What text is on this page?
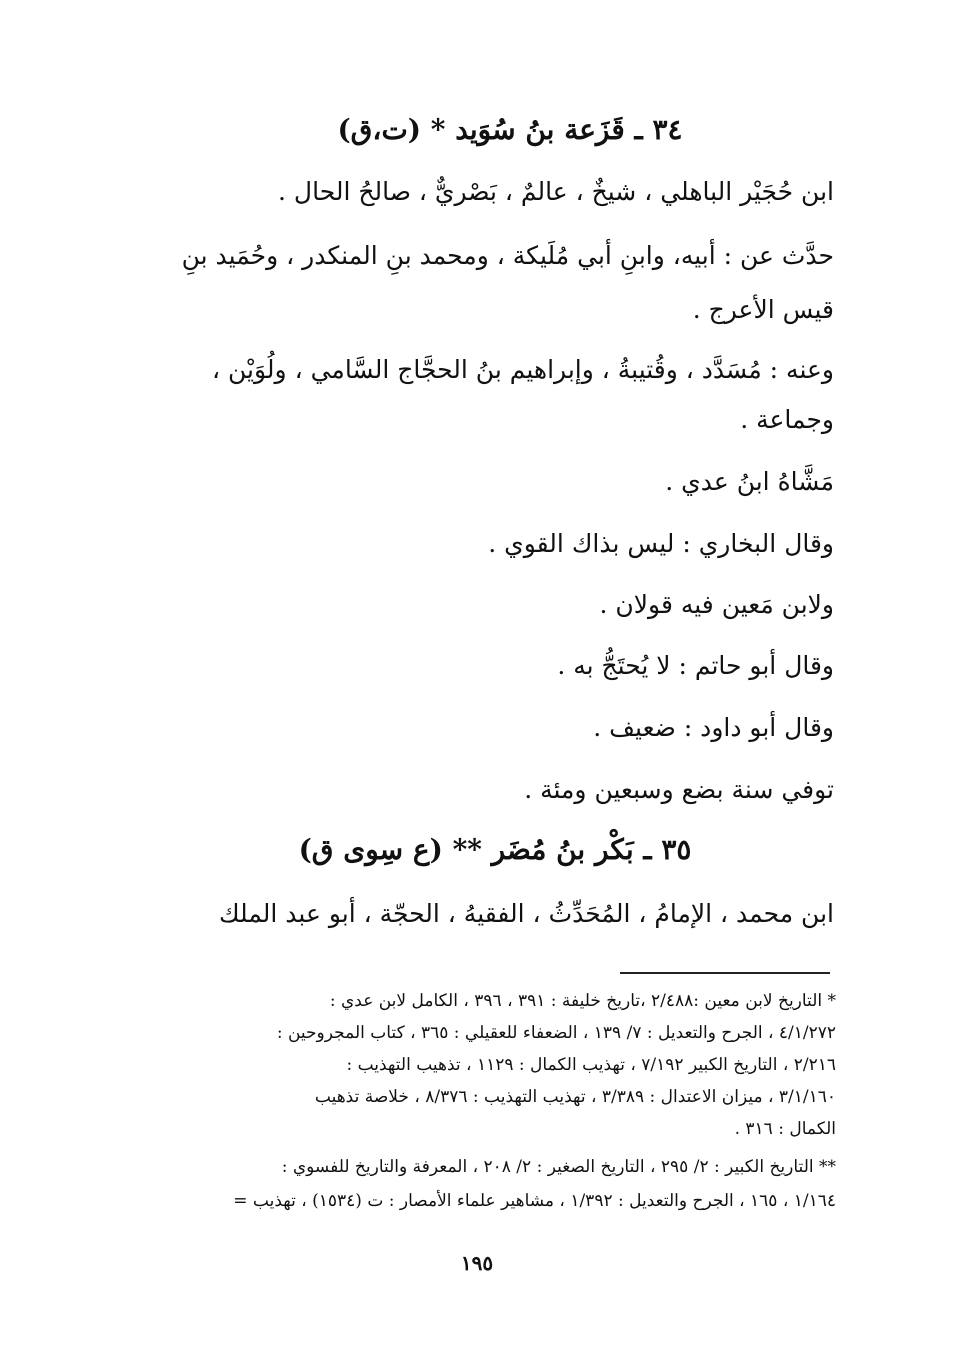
٣٤ ـ قَزَعة بنُ سُوَيد * (ت،ق)
ابن حُجَيْر الباهلي ، شيخٌ ، عالمٌ ، بَصْريٌّ ، صالحُ الحال .
حدَّث عن : أبيه، وابنِ أبي مُلَيكة ، ومحمد بنِ المنكدر ، وحُمَيد بنِ
قيس الأعرج .
وعنه : مُسَدَّد ، وقُتيبةُ ، وإبراهيم بنُ الحجَّاج السَّامي ، ولُوَيْن ،
وجماعة .
مَشَّاهُ ابنُ عدي .
وقال البخاري : ليس بذاك القوي .
ولابن مَعين فيه قولان .
وقال أبو حاتم : لا يُحتَجُّ به .
وقال أبو داود : ضعيف .
توفي سنة بضع وسبعين ومئة .
٣٥ ـ بَكْر بنُ مُضَر ** (ع سِوى ق)
ابن محمد ، الإمامُ ، المُحَدِّثُ ، الفقيهُ ، الحجّة ، أبو عبد الملك
* التاريخ لابن معين :٢/٤٨٨ ،تاريخ خليفة : ٣٩١ ، ٣٩٦ ، الكامل لابن عدي :
٤/١/٢٧٢ ، الجرح والتعديل : ٧/ ١٣٩ ، الضعفاء للعقيلي : ٣٦٥ ، كتاب المجروحين :
٢/٢١٦ ، التاريخ الكبير ٧/١٩٢ ، تهذيب الكمال : ١١٢٩ ، تذهيب التهذيب :
٣/١/١٦٠ ، ميزان الاعتدال : ٣/٣٨٩ ، تهذيب التهذيب : ٨/٣٧٦ ، خلاصة تذهيب
الكمال : ٣١٦ .
** التاريخ الكبير : ٢/ ٢٩٥ ، التاريخ الصغير : ٢/ ٢٠٨ ، المعرفة والتاريخ للفسوي :
١/١٦٤ ، ١٦٥ ، الجرح والتعديل : ١/٣٩٢ ، مشاهير علماء الأمصار : ت (١٥٣٤) ، تهذيب =
١٩٥
